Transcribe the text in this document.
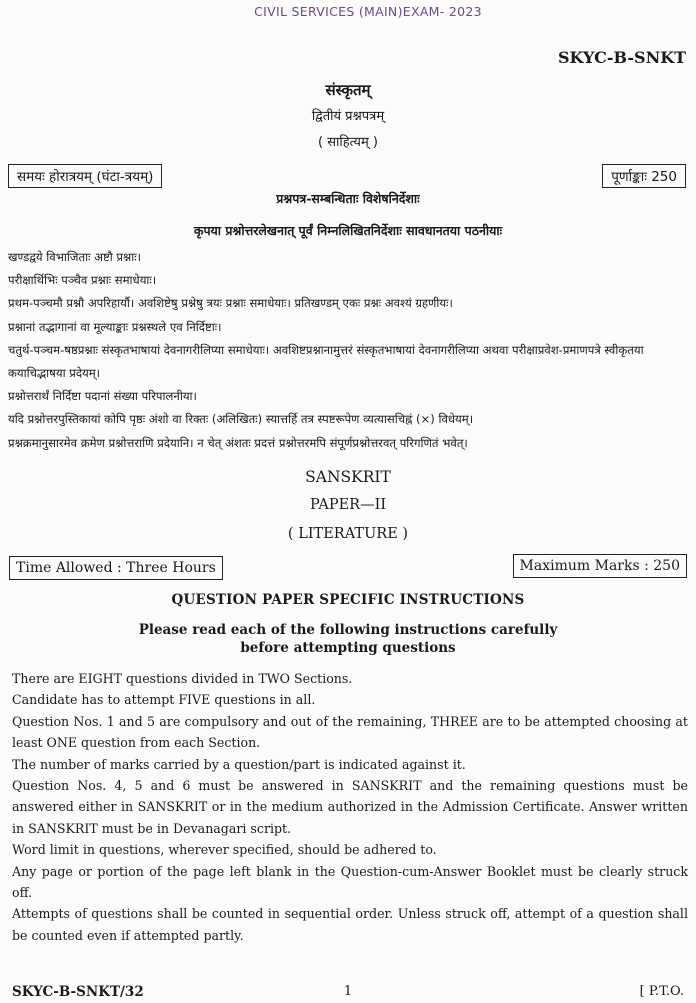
CIVIL SERVICES (MAIN)EXAM- 2023
SKYC-B-SNKT
संस्कृतम्
द्वितीयं प्रश्नपत्रम्
( साहित्यम् )
समयः होरात्रयम् (घंटा-त्रयम्)	पूर्णाङ्काः 250
प्रश्नपत्र-सम्बन्धिताः विशेषनिर्देशाः
कृपया प्रश्नोत्तरलेखनात् पूर्वं निम्नलिखितनिर्देशाः सावधानतया पठनीयाः

खण्डद्वये विभाजिताः अष्टौ प्रश्नाः।

परीक्षार्थिभिः पञ्चैव प्रश्नाः समाधेयाः।

प्रथम-पञ्चमौ प्रश्नौ अपरिहार्यौ। अवशिष्टेषु प्रश्नेषु त्रयः प्रश्नाः समाधेयाः। प्रतिखण्डम् एकः प्रश्नः अवश्यं ग्रहणीयः।

प्रश्नानां तद्भागानां वा मूल्याङ्काः प्रश्नस्थले एव निर्दिष्टाः।

चतुर्थ-पञ्चम-षष्ठप्रश्नाः संस्कृतभाषायां देवनागरीलिप्या समाधेयाः। अवशिष्टप्रश्नानामुत्तरं संस्कृतभाषायां देवनागरीलिप्या अथवा परीक्षाप्रवेश-प्रमाणपत्रे स्वीकृतया कयाचिद्भाषया प्रदेयम्।

प्रश्नोत्तरार्थं निर्दिष्टा पदानां संख्या परिपालनीया।

यदि प्रश्नोत्तरपुस्तिकायां कोपि पृष्ठः अंशो वा रिक्तः (अलिखितः) स्यात्तर्हि तत्र स्पष्टरूपेण व्यत्यासचिह्नं (×) विधेयम्।

प्रश्नक्रमानुसारमेव क्रमेण प्रश्नोत्तराणि प्रदेयानि। न चेत् अंशतः प्रदत्तं प्रश्नोत्तरमपि संपूर्णप्रश्नोत्तरवत् परिगणितं भवेत्।

SANSKRIT
PAPER—II
( LITERATURE )
Time Allowed : Three Hours	Maximum Marks : 250
QUESTION PAPER SPECIFIC INSTRUCTIONS
Please read each of the following instructions carefully
before attempting questions

There are EIGHT questions divided in TWO Sections.

Candidate has to attempt FIVE questions in all.

Question Nos. 1 and 5 are compulsory and out of the remaining, THREE are to be attempted choosing at least ONE question from each Section.

The number of marks carried by a question/part is indicated against it.

Question Nos. 4, 5 and 6 must be answered in SANSKRIT and the remaining questions must be answered either in SANSKRIT or in the medium authorized in the Admission Certificate. Answer written in SANSKRIT must be in Devanagari script.

Word limit in questions, wherever specified, should be adhered to.

Any page or portion of the page left blank in the Question-cum-Answer Booklet must be clearly struck off.

Attempts of questions shall be counted in sequential order. Unless struck off, attempt of a question shall be counted even if attempted partly.

SKYC-B-SNKT/32	1	[ P.T.O.
